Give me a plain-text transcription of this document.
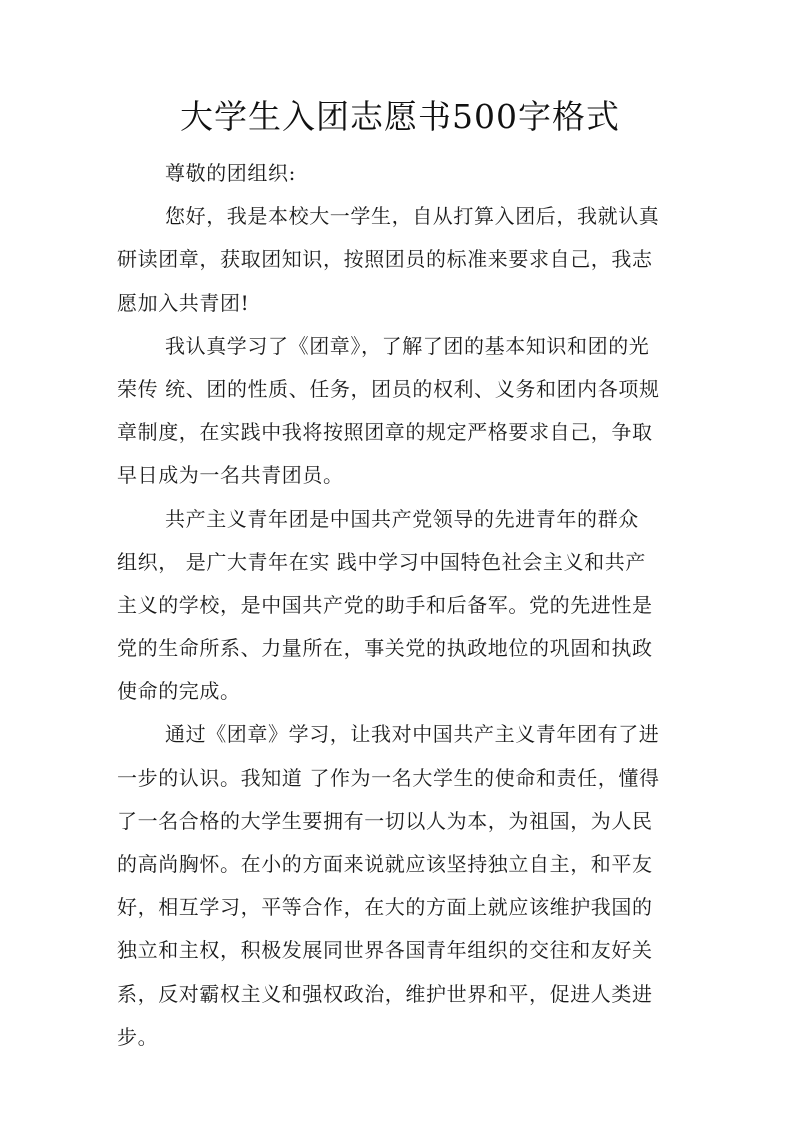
大学生入团志愿书500字格式

尊敬的团组织:

您好，我是本校大一学生，自从打算入团后，我就认真
研读团章，获取团知识，按照团员的标准来要求自己，我志
愿加入共青团!

我认真学习了《团章》，了解了团的基本知识和团的光
荣传 统、团的性质、任务，团员的权利、义务和团内各项规
章制度，在实践中我将按照团章的规定严格要求自己，争取
早日成为一名共青团员。

共产主义青年团是中国共产党领导的先进青年的群众
组织， 是广大青年在实 践中学习中国特色社会主义和共产
主义的学校，是中国共产党的助手和后备军。党的先进性是
党的生命所系、力量所在，事关党的执政地位的巩固和执政
使命的完成。

通过《团章》学习，让我对中国共产主义青年团有了进
一步的认识。我知道 了作为一名大学生的使命和责任，懂得
了一名合格的大学生要拥有一切以人为本，为祖国，为人民
的高尚胸怀。在小的方面来说就应该坚持独立自主，和平友
好，相互学习，平等合作，在大的方面上就应该维护我国的
独立和主权，积极发展同世界各国青年组织的交往和友好关
系，反对霸权主义和强权政治，维护世界和平，促进人类进
步。
